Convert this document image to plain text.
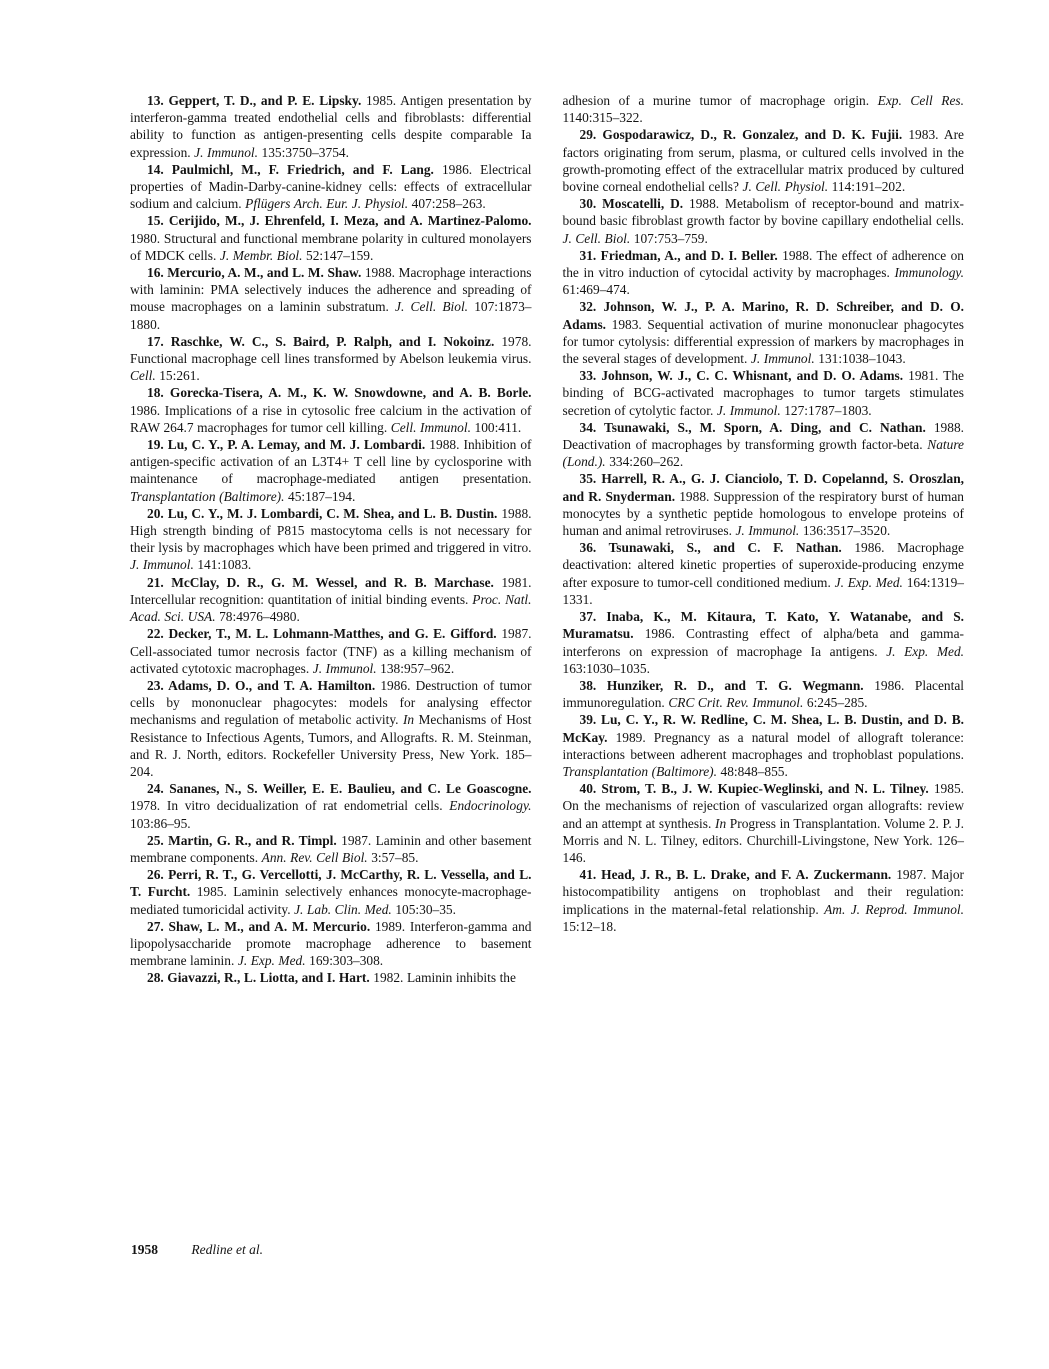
13. Geppert, T. D., and P. E. Lipsky. 1985. Antigen presentation by interferon-gamma treated endothelial cells and fibroblasts: differential ability to function as antigen-presenting cells despite comparable Ia expression. J. Immunol. 135:3750–3754.

14. Paulmichl, M., F. Friedrich, and F. Lang. 1986. Electrical properties of Madin-Darby-canine-kidney cells: effects of extracellular sodium and calcium. Pflügers Arch. Eur. J. Physiol. 407:258–263.

15. Cerijido, M., J. Ehrenfeld, I. Meza, and A. Martinez-Palomo. 1980. Structural and functional membrane polarity in cultured monolayers of MDCK cells. J. Membr. Biol. 52:147–159.

16. Mercurio, A. M., and L. M. Shaw. 1988. Macrophage interactions with laminin: PMA selectively induces the adherence and spreading of mouse macrophages on a laminin substratum. J. Cell. Biol. 107:1873–1880.

17. Raschke, W. C., S. Baird, P. Ralph, and I. Nokoinz. 1978. Functional macrophage cell lines transformed by Abelson leukemia virus. Cell. 15:261.

18. Gorecka-Tisera, A. M., K. W. Snowdowne, and A. B. Borle. 1986. Implications of a rise in cytosolic free calcium in the activation of RAW 264.7 macrophages for tumor cell killing. Cell. Immunol. 100:411.

19. Lu, C. Y., P. A. Lemay, and M. J. Lombardi. 1988. Inhibition of antigen-specific activation of an L3T4+ T cell line by cyclosporine with maintenance of macrophage-mediated antigen presentation. Transplantation (Baltimore). 45:187–194.

20. Lu, C. Y., M. J. Lombardi, C. M. Shea, and L. B. Dustin. 1988. High strength binding of P815 mastocytoma cells is not necessary for their lysis by macrophages which have been primed and triggered in vitro. J. Immunol. 141:1083.

21. McClay, D. R., G. M. Wessel, and R. B. Marchase. 1981. Intercellular recognition: quantitation of initial binding events. Proc. Natl. Acad. Sci. USA. 78:4976–4980.

22. Decker, T., M. L. Lohmann-Matthes, and G. E. Gifford. 1987. Cell-associated tumor necrosis factor (TNF) as a killing mechanism of activated cytotoxic macrophages. J. Immunol. 138:957–962.

23. Adams, D. O., and T. A. Hamilton. 1986. Destruction of tumor cells by mononuclear phagocytes: models for analysing effector mechanisms and regulation of metabolic activity. In Mechanisms of Host Resistance to Infectious Agents, Tumors, and Allografts. R. M. Steinman, and R. J. North, editors. Rockefeller University Press, New York. 185–204.

24. Sananes, N., S. Weiller, E. E. Baulieu, and C. Le Goascogne. 1978. In vitro decidualization of rat endometrial cells. Endocrinology. 103:86–95.

25. Martin, G. R., and R. Timpl. 1987. Laminin and other basement membrane components. Ann. Rev. Cell Biol. 3:57–85.

26. Perri, R. T., G. Vercellotti, J. McCarthy, R. L. Vessella, and L. T. Furcht. 1985. Laminin selectively enhances monocyte-macrophage-mediated tumoricidal activity. J. Lab. Clin. Med. 105:30–35.

27. Shaw, L. M., and A. M. Mercurio. 1989. Interferon-gamma and lipopolysaccharide promote macrophage adherence to basement membrane laminin. J. Exp. Med. 169:303–308.

28. Giavazzi, R., L. Liotta, and I. Hart. 1982. Laminin inhibits the

adhesion of a murine tumor of macrophage origin. Exp. Cell Res. 1140:315–322.

29. Gospodarawicz, D., R. Gonzalez, and D. K. Fujii. 1983. Are factors originating from serum, plasma, or cultured cells involved in the growth-promoting effect of the extracellular matrix produced by cultured bovine corneal endothelial cells? J. Cell. Physiol. 114:191–202.

30. Moscatelli, D. 1988. Metabolism of receptor-bound and matrix-bound basic fibroblast growth factor by bovine capillary endothelial cells. J. Cell. Biol. 107:753–759.

31. Friedman, A., and D. I. Beller. 1988. The effect of adherence on the in vitro induction of cytocidal activity by macrophages. Immunology. 61:469–474.

32. Johnson, W. J., P. A. Marino, R. D. Schreiber, and D. O. Adams. 1983. Sequential activation of murine mononuclear phagocytes for tumor cytolysis: differential expression of markers by macrophages in the several stages of development. J. Immunol. 131:1038–1043.

33. Johnson, W. J., C. C. Whisnant, and D. O. Adams. 1981. The binding of BCG-activated macrophages to tumor targets stimulates secretion of cytolytic factor. J. Immunol. 127:1787–1803.

34. Tsunawaki, S., M. Sporn, A. Ding, and C. Nathan. 1988. Deactivation of macrophages by transforming growth factor-beta. Nature (Lond.). 334:260–262.

35. Harrell, R. A., G. J. Cianciolo, T. D. Copelannd, S. Oroszlan, and R. Snyderman. 1988. Suppression of the respiratory burst of human monocytes by a synthetic peptide homologous to envelope proteins of human and animal retroviruses. J. Immunol. 136:3517–3520.

36. Tsunawaki, S., and C. F. Nathan. 1986. Macrophage deactivation: altered kinetic properties of superoxide-producing enzyme after exposure to tumor-cell conditioned medium. J. Exp. Med. 164:1319–1331.

37. Inaba, K., M. Kitaura, T. Kato, Y. Watanabe, and S. Muramatsu. 1986. Contrasting effect of alpha/beta and gamma-interferons on expression of macrophage Ia antigens. J. Exp. Med. 163:1030–1035.

38. Hunziker, R. D., and T. G. Wegmann. 1986. Placental immunoregulation. CRC Crit. Rev. Immunol. 6:245–285.

39. Lu, C. Y., R. W. Redline, C. M. Shea, L. B. Dustin, and D. B. McKay. 1989. Pregnancy as a natural model of allograft tolerance: interactions between adherent macrophages and trophoblast populations. Transplantation (Baltimore). 48:848–855.

40. Strom, T. B., J. W. Kupiec-Weglinski, and N. L. Tilney. 1985. On the mechanisms of rejection of vascularized organ allografts: review and an attempt at synthesis. In Progress in Transplantation. Volume 2. P. J. Morris and N. L. Tilney, editors. Churchill-Livingstone, New York. 126–146.

41. Head, J. R., B. L. Drake, and F. A. Zuckermann. 1987. Major histocompatibility antigens on trophoblast and their regulation: implications in the maternal-fetal relationship. Am. J. Reprod. Immunol. 15:12–18.

1958 Redline et al.
